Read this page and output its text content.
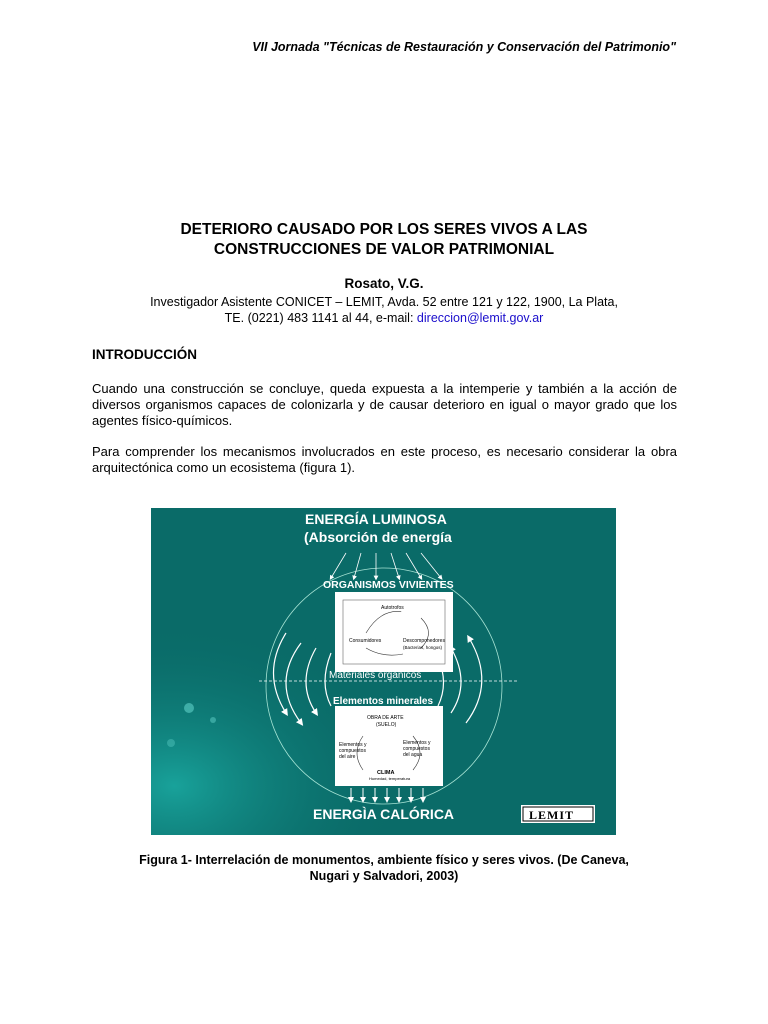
VII Jornada "Técnicas de Restauración y Conservación del Patrimonio"
DETERIORO CAUSADO POR LOS SERES VIVOS A LAS
CONSTRUCCIONES DE VALOR PATRIMONIAL
Rosato, V.G.
Investigador Asistente CONICET – LEMIT, Avda. 52 entre 121 y 122, 1900, La Plata,
TE. (0221) 483 1141 al 44, e-mail: direccion@lemit.gov.ar
INTRODUCCIÓN
Cuando una construcción se concluye, queda expuesta a la intemperie y también a la acción de diversos organismos capaces de colonizarla y de causar deterioro en igual o mayor grado que los agentes físico-químicos.
Para comprender los mecanismos involucrados en este proceso, es necesario considerar la obra arquitectónica como un ecosistema (figura 1).
ENERGÍA LUMINOSA
(Absorción de energía
ORGANISMOS VIVIENTES
Autotrofos
Consumidores	Descomponedores
(Bacterias, hongos)
Materiales orgánicos
Elementos minerales
OBRA DE ARTE
(SUELO)
Elementos y
compuestos
del aire
Elementos y
compuestos
del agua
CLIMA
Humedad, temperatura
ENERGÌA CALÓRICA	LEMIT
Figura 1- Interrelación de monumentos, ambiente físico y seres vivos. (De Caneva,
Nugari y Salvadori, 2003)
